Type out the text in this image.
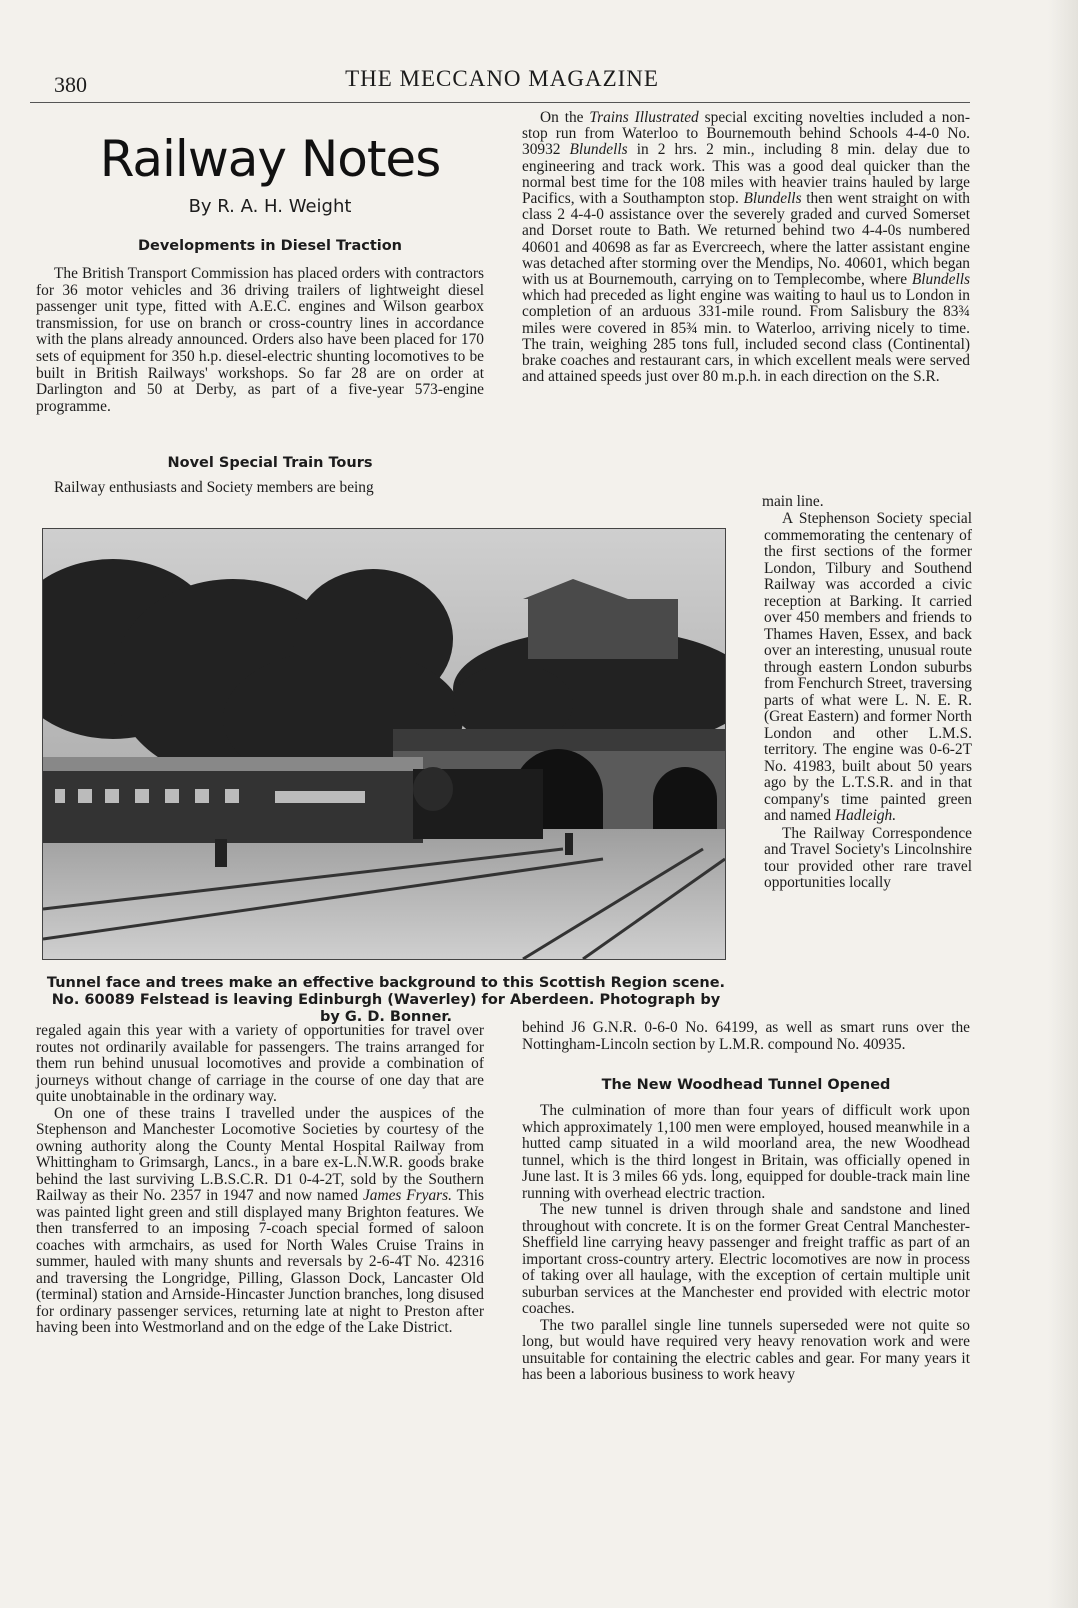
380	THE MECCANO MAGAZINE
Railway Notes
By R. A. H. Weight
Developments in Diesel Traction

The British Transport Commission has placed orders with contractors for 36 motor vehicles and 36 driving trailers of lightweight diesel passenger unit type, fitted with A.E.C. engines and Wilson gearbox transmission, for use on branch or cross-country lines in accordance with the plans already announced. Orders also have been placed for 170 sets of equipment for 350 h.p. diesel-electric shunting locomotives to be built in British Railways' workshops. So far 28 are on order at Darlington and 50 at Derby, as part of a five-year 573-engine programme.

Novel Special Train Tours

Railway enthusiasts and Society members are being

On the Trains Illustrated special exciting novelties included a non-stop run from Waterloo to Bournemouth behind Schools 4-4-0 No. 30932 Blundells in 2 hrs. 2 min., including 8 min. delay due to engineering and track work. This was a good deal quicker than the normal best time for the 108 miles with heavier trains hauled by large Pacifics, with a Southampton stop. Blundells then went straight on with class 2 4-4-0 assistance over the severely graded and curved Somerset and Dorset route to Bath. We returned behind two 4-4-0s numbered 40601 and 40698 as far as Evercreech, where the latter assistant engine was detached after storming over the Mendips, No. 40601, which began with us at Bournemouth, carrying on to Templecombe, where Blundells which had preceded as light engine was waiting to haul us to London in completion of an arduous 331-mile round. From Salisbury the 83¾ miles were covered in 85¾ min. to Waterloo, arriving nicely to time. The train, weighing 285 tons full, included second class (Continental) brake coaches and restaurant cars, in which excellent meals were served and attained speeds just over 80 m.p.h. in each direction on the S.R.

main line.

A Stephenson Society special commemorating the centenary of the first sections of the former London, Tilbury and Southend Railway was accorded a civic reception at Barking. It carried over 450 members and friends to Thames Haven, Essex, and back over an interesting, unusual route through eastern London suburbs from Fenchurch Street, traversing parts of what were L. N. E. R. (Great Eastern) and former North London and other L.M.S. territory. The engine was 0-6-2T No. 41983, built about 50 years ago by the L.T.S.R. and in that company's time painted green and named Hadleigh.

The Railway Correspondence and Travel Society's Lincolnshire tour provided other rare travel opportunities locally

Tunnel face and trees make an effective background to this Scottish Region scene.
No. 60089 Felstead is leaving Edinburgh (Waverley) for Aberdeen. Photograph by
by G. D. Bonner.

regaled again this year with a variety of opportunities for travel over routes not ordinarily available for passengers. The trains arranged for them run behind unusual locomotives and provide a combination of journeys without change of carriage in the course of one day that are quite unobtainable in the ordinary way.

On one of these trains I travelled under the auspices of the Stephenson and Manchester Locomotive Societies by courtesy of the owning authority along the County Mental Hospital Railway from Whittingham to Grimsargh, Lancs., in a bare ex-L.N.W.R. goods brake behind the last surviving L.B.S.C.R. D1 0-4-2T, sold by the Southern Railway as their No. 2357 in 1947 and now named James Fryars. This was painted light green and still displayed many Brighton features. We then transferred to an imposing 7-coach special formed of saloon coaches with armchairs, as used for North Wales Cruise Trains in summer, hauled with many shunts and reversals by 2-6-4T No. 42316 and traversing the Longridge, Pilling, Glasson Dock, Lancaster Old (terminal) station and Arnside-Hincaster Junction branches, long disused for ordinary passenger services, returning late at night to Preston after having been into Westmorland and on the edge of the Lake District.

behind J6 G.N.R. 0-6-0 No. 64199, as well as smart runs over the Nottingham-Lincoln section by L.M.R. compound No. 40935.

The New Woodhead Tunnel Opened

The culmination of more than four years of difficult work upon which approximately 1,100 men were employed, housed meanwhile in a hutted camp situated in a wild moorland area, the new Woodhead tunnel, which is the third longest in Britain, was officially opened in June last. It is 3 miles 66 yds. long, equipped for double-track main line running with overhead electric traction.

The new tunnel is driven through shale and sandstone and lined throughout with concrete. It is on the former Great Central Manchester-Sheffield line carrying heavy passenger and freight traffic as part of an important cross-country artery. Electric locomotives are now in process of taking over all haulage, with the exception of certain multiple unit suburban services at the Manchester end provided with electric motor coaches.

The two parallel single line tunnels superseded were not quite so long, but would have required very heavy renovation work and were unsuitable for containing the electric cables and gear. For many years it has been a laborious business to work heavy
